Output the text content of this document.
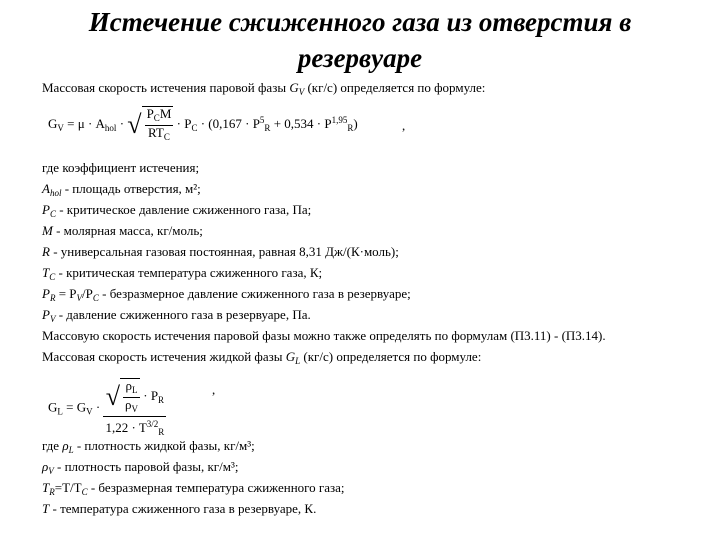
Истечение сжиженного газа из отверстия в резервуаре
Массовая скорость истечения паровой фазы $G_V$ (кг/с) определяется по формуле:
$G_V = \mu \cdot A_{hol}$ · √ $\frac{P_CM}{RT_C} \cdot P_C \cdot (0,167 \cdot P^5_R + 0,534 \cdot P^{1,95}_R)$	,
где коэффициент истечения;
$A_{hol}$ - площадь отверстия, м²;
$P_C$ - критическое давление сжиженного газа, Па;
M - молярная масса, кг/моль;
R - универсальная газовая постоянная, равная 8,31 Дж/(К·моль);
$T_C$ - критическая температура сжиженного газа, К;
$P_R = P_V/P_C$ - безразмерное давление сжиженного газа в резервуаре;
$P_V$ - давление сжиженного газа в резервуаре, Па.
Массовую скорость истечения паровой фазы можно также определять по формулам (П3.11) - (П3.14).
Массовая скорость истечения жидкой фазы $G_L$ (кг/с) определяется по формуле:
$G_L = G_V \cdot \frac{√ \frac{\rho_L}{\rho_V} \cdot P_R}{1,22 \cdot T^{3/2}_R}$	,
где $\rho_L$ - плотность жидкой фазы, кг/м³;
$\rho_V$ - плотность паровой фазы, кг/м³;
$T_R=T/T_C$ - безразмерная температура сжиженного газа;
T - температура сжиженного газа в резервуаре, К.
